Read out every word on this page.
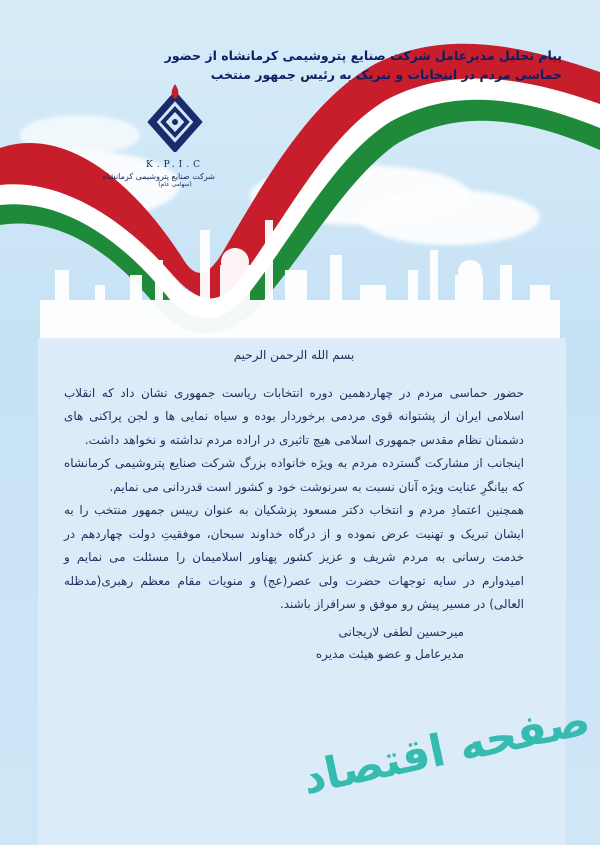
پیام تجلیل مدیرعامل شرکت صنایع پتروشیمی کرمانشاه از حضور
حماسی مردم در انتخابات و تبریک به رئیس جمهور منتخب
K.P.I.C
شرکت صنایع پتروشیمی کرمانشاه
(سهامی عام)
بسم الله الرحمن الرحیم

حضور حماسی مردم در چهاردهمین دوره انتخابات ریاست جمهوری نشان داد که انقلاب اسلامی ایران از پشتوانه قوی مردمی برخوردار بوده و سیاه نمایی ها و لجن پراکنی های دشمنان نظام مقدس جمهوری اسلامی هیچ تاثیری در اراده مردم نداشته و نخواهد داشت.

اینجانب از مشارکت گسترده مردم به ویژه خانواده بزرگ شرکت صنایع پتروشیمی کرمانشاه که بیانگرِ عنایت ویژه آنان نسبت به سرنوشت خود و کشور است قدردانی می نمایم.

همچنین اعتمادِ مردم و انتخاب دکتر مسعود پزشکیان به عنوان رییس جمهور منتخب را به ایشان تبریک و تهنیت عرض نموده و از درگاه خداوند سبحان، موفقیتِ دولت چهاردهم در خدمت رسانی به مردم شریف و عزیز کشور پهناور اسلامیمان را مسئلت می نمایم و امیدوارم در سایه توجهات حضرت ولی عصر(عج) و منویات مقام معظم رهبری(مدظله العالی) در مسیر پیش رو موفق و سرافراز باشند.

میرحسین لطفی لاریجانی
مدیرعامل و عضو هیئت مدیره
صفحه اقتصاد
